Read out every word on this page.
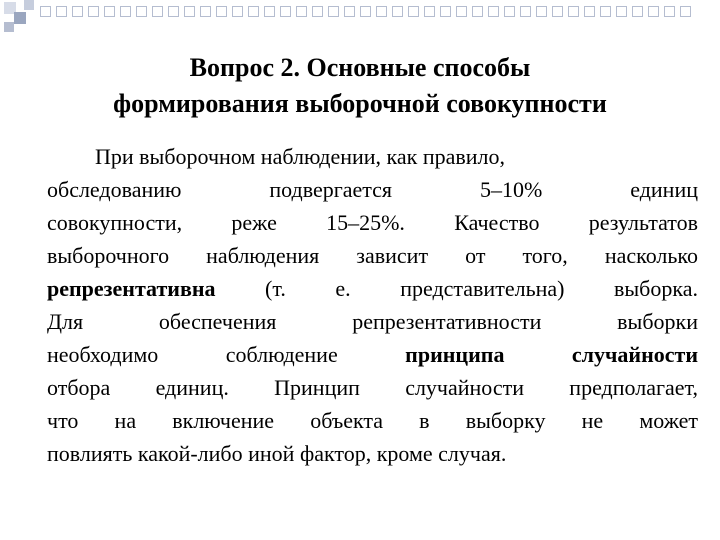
Вопрос 2. Основные способы
формирования выборочной совокупности
При выборочном наблюдении, как правило,
обследованию подвергается 5–10% единиц
совокупности, реже 15–25%. Качество результатов
выборочного наблюдения зависит от того, насколько
репрезентативна (т. е. представительна) выборка.
Для обеспечения репрезентативности выборки
необходимо соблюдение принципа случайности
отбора единиц. Принцип случайности предполагает,
что на включение объекта в выборку не может
повлиять какой-либо иной фактор, кроме случая.
